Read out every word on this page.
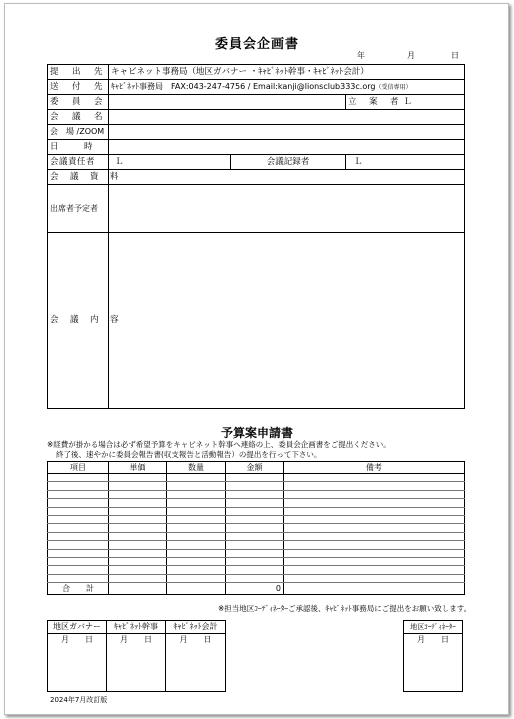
委員会企画書
年	月	日
提　出　先	キャビネット事務局（地区ガバナー ・ｷｬﾋﾞﾈｯﾄ幹事・ｷｬﾋﾞﾈｯﾄ会計）		
送　付　先	ｷｬﾋﾞﾈｯﾄ事務局　FAX:043-247-4756 / Email:kanji@lionsclub333c.org（受信専用）		
委　員　会			立　案　者 Ｌ
会　議　名			
会　場 /ZOOM			
日　　　時			
会議責任者	Ｌ	会議記録者	Ｌ
会　議　資　料			
出席者予定者			
会　議　内　容			
予算案申請書
※経費が掛かる場合は必ず希望予算をキャビネット幹事へ連絡の上、委員会企画書をご提出ください。
終了後、速やかに委員会報告書(収支報告と活動報告）の提出を行って下さい。
項目	単価	数量	金額	備考

合　　計			0	
※担当地区ｺｰﾃﾞｨﾈｰﾀｰご承認後、ｷｬﾋﾞﾈｯﾄ事務局にご提出をお願い致します。
地区ガバナー	ｷｬﾋﾞﾈｯﾄ幹事	ｷｬﾋﾞﾈｯﾄ会計
月　　日	月　　日	月　　日

地区ｺｰﾃﾞｨﾈｰﾀｰ
月　　日

2024年7月改訂版
